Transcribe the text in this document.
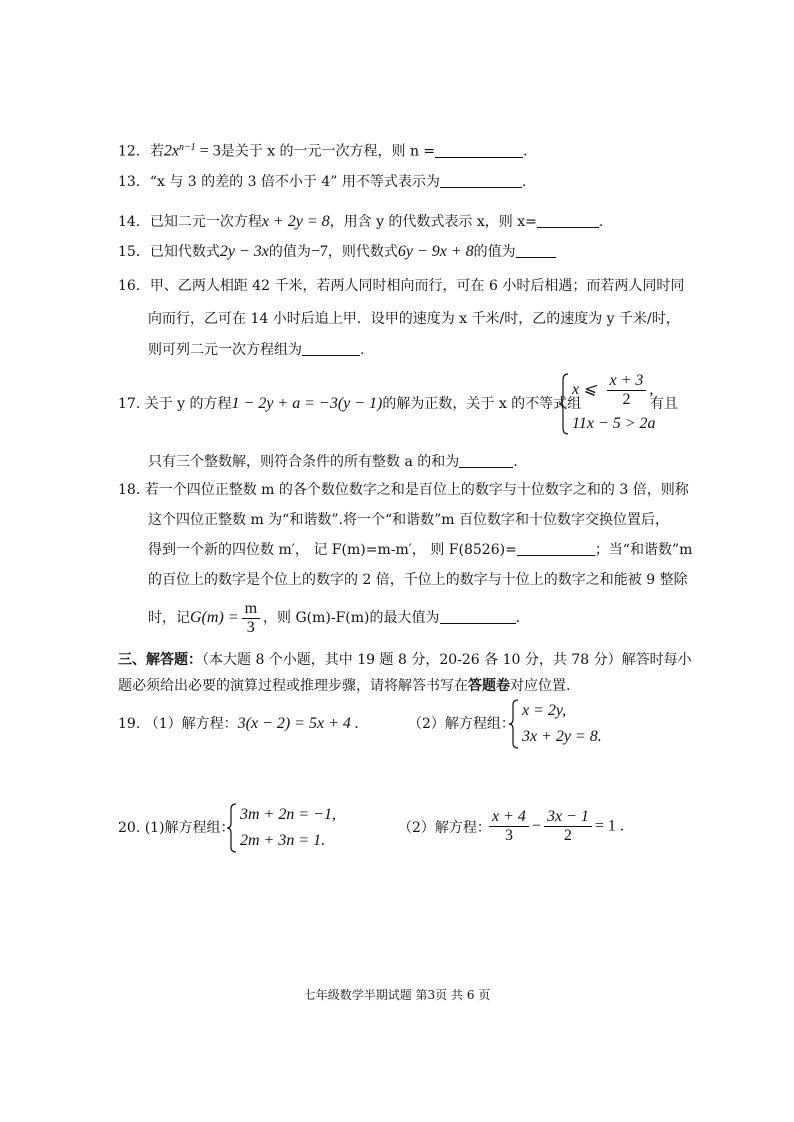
12．若$2x^{n-1} = 3$是关于 x 的一元一次方程，则 n =	.
13．“x 与 3 的差的 3 倍不小于 4” 用不等式表示为	.
14．已知二元一次方程x + 2y = 8，用含 y 的代数式表示 x，则 x=	.
15．已知代数式2y − 3x的值为−7，则代数式6y − 9x + 8的值为
16．甲、乙两人相距 42 千米，若两人同时相向而行，可在 6 小时后相遇；而若两人同时同
向而行，乙可在 14 小时后追上甲．设甲的速度为 x 千米/时，乙的速度为 y 千米/时，
则可列二元一次方程组为	.
17. 关于 y 的方程1 − 2y + a = −3(y − 1)的解为正数，关于 x 的不等式组
x ⩽ $\frac{x + 3}{2}$ ,
11x − 5 > 2a
有且
只有三个整数解，则符合条件的所有整数 a 的和为	.
18. 若一个四位正整数 m 的各个数位数字之和是百位上的数字与十位数字之和的 3 倍，则称
这个四位正整数 m 为“和谐数”.将一个“和谐数”m 百位数字和十位数字交换位置后，
得到一个新的四位数 m′， 记 F(m)=m-m′， 则 F(8526)=	；当“和谐数”m
的百位上的数字是个位上的数字的 2 倍，千位上的数字与十位上的数字之和能被 9 整除
时，记$G(m) = \frac{m}{3}$ ，则 G(m)-F(m)的最大值为	.
三、解答题：（本大题 8 个小题，其中 19 题 8 分，20-26 各 10 分，共 78 分）解答时每小
题必须给出必要的演算过程或推理步骤，请将解答书写在答题卷对应位置.
19. （1）解方程：3(x − 2) = 5x + 4 .	（2）解方程组：
x = 2y,
3x + 2y = 8.
20. (1)解方程组：
3m + 2n = −1,
2m + 3n = 1.
（2）解方程：
$\frac{x + 4}{3} - \frac{3x - 1}{2} = 1$ .
七年级数学半期试题 第3页 共 6 页
